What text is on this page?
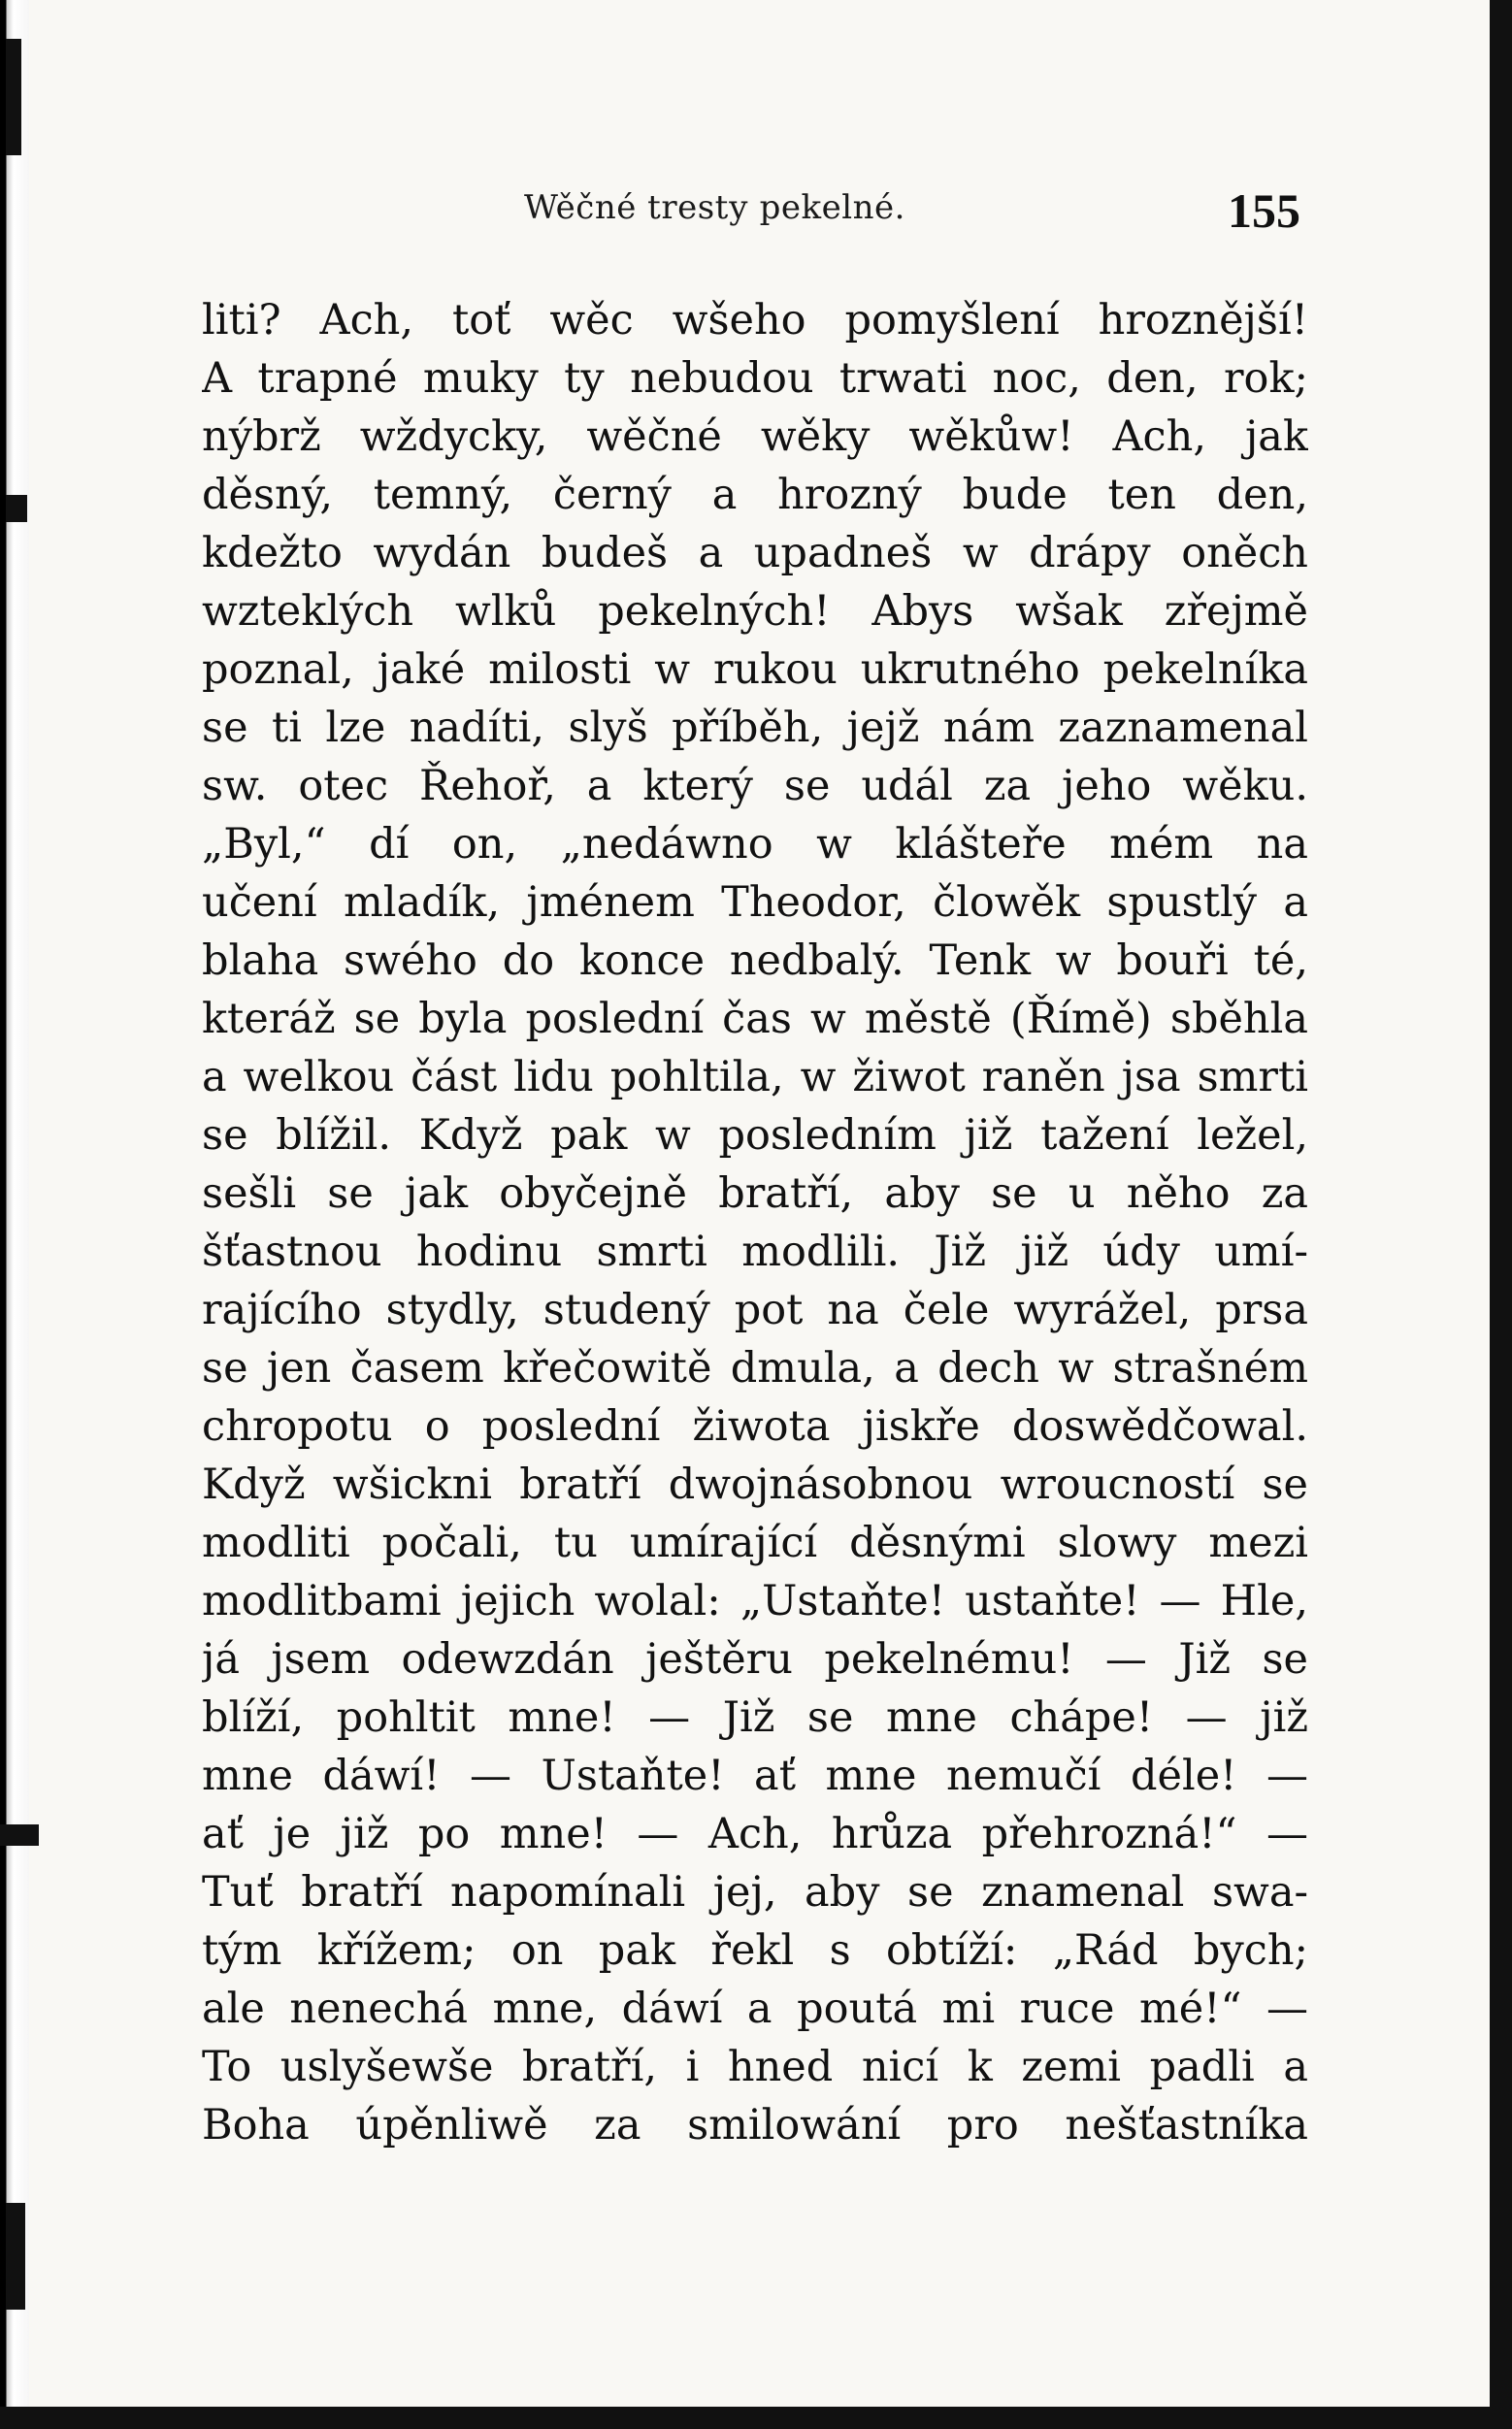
Wěčné trestу pekelné.	155
liti? Ach, toť wěc wšeho pomyšlení hroznější!
A trapné muky ty nebudou trwati noc, den, rok;
nýbrž wždycky, wěčné wěky wěkůw! Ach, jak
děsný, temný, černý a hrozný bude ten den,
kdežto wydán budeš a upadneš w drápy oněch
wzteklých wlků pekelných! Abys wšak zřejmě
poznal, jaké milosti w rukou ukrutného pekelníka
se ti lze nadíti, slyš příběh, jejž nám zaznamenal
sw. otec Řehoř, a který se udál za jeho wěku.
„Byl,“ dí on, „nedáwno w klášteře mém na
učení mladík, jménem Theodor, člowěk spustlý a
blaha swého do konce nedbalý. Tenk w bouři té,
kteráž se byla poslední čas w městě (Římě) sběhla
a welkou část lidu pohltila, w žiwot raněn jsa smrti
se blížil. Když pak w posledním již tažení ležel,
sešli se jak obyčejně bratří, aby se u něho za
šťastnou hodinu smrti modlili. Již již údy umí-
rajícího stydly, studený pot na čele wyrážel, prsa
se jen časem křečowitě dmula, a dech w strašném
chropotu o poslední žiwota jiskře doswědčowal.
Když wšickni bratří dwojnásobnou wroucností se
modliti počali, tu umírající děsnými slowy mezi
modlitbami jejich wolal: „Ustaňte! ustaňte! — Hle,
já jsem odewzdán ještěru pekelnému! — Již se
blíží, pohltit mne! — Již se mne chápe! — již
mne dáwí! — Ustaňte! ať mne nemučí déle! —
ať je již po mne! — Ach, hrůza přehrozná!“ —
Tuť bratří napomínali jej, aby se znamenal swa-
tým křížem; on pak řekl s obtíží: „Rád bych;
ale nenechá mne, dáwí a poutá mi ruce mé!“ —
To uslyšewše bratří, i hned nicí k zemi padli a
Boha úpěnliwě za smilowání pro nešťastníka
